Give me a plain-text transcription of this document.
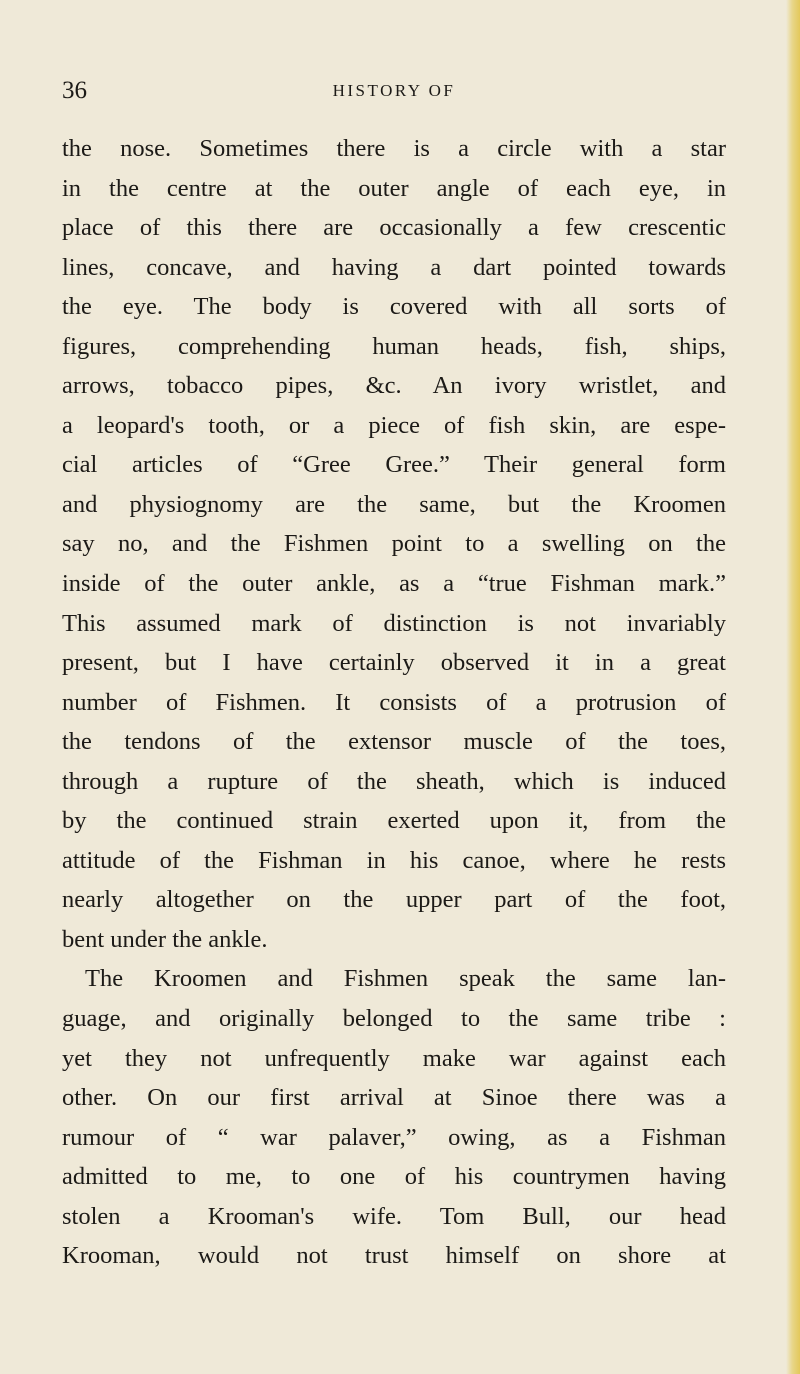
36	HISTORY OF
the nose. Sometimes there is a circle with a star
in the centre at the outer angle of each eye, in
place of this there are occasionally a few crescentic
lines, concave, and having a dart pointed towards
the eye. The body is covered with all sorts of
figures, comprehending human heads, fish, ships,
arrows, tobacco pipes, &c. An ivory wristlet, and
a leopard's tooth, or a piece of fish skin, are espe-
cial articles of “Gree Gree.” Their general form
and physiognomy are the same, but the Kroomen
say no, and the Fishmen point to a swelling on the
inside of the outer ankle, as a “true Fishman mark.”
This assumed mark of distinction is not invariably
present, but I have certainly observed it in a great
number of Fishmen. It consists of a protrusion of
the tendons of the extensor muscle of the toes,
through a rupture of the sheath, which is induced
by the continued strain exerted upon it, from the
attitude of the Fishman in his canoe, where he rests
nearly altogether on the upper part of the foot,
bent under the ankle.
The Kroomen and Fishmen speak the same lan-
guage, and originally belonged to the same tribe :
yet they not unfrequently make war against each
other. On our first arrival at Sinoe there was a
rumour of “ war palaver,” owing, as a Fishman
admitted to me, to one of his countrymen having
stolen a Krooman's wife. Tom Bull, our head
Krooman, would not trust himself on shore at
